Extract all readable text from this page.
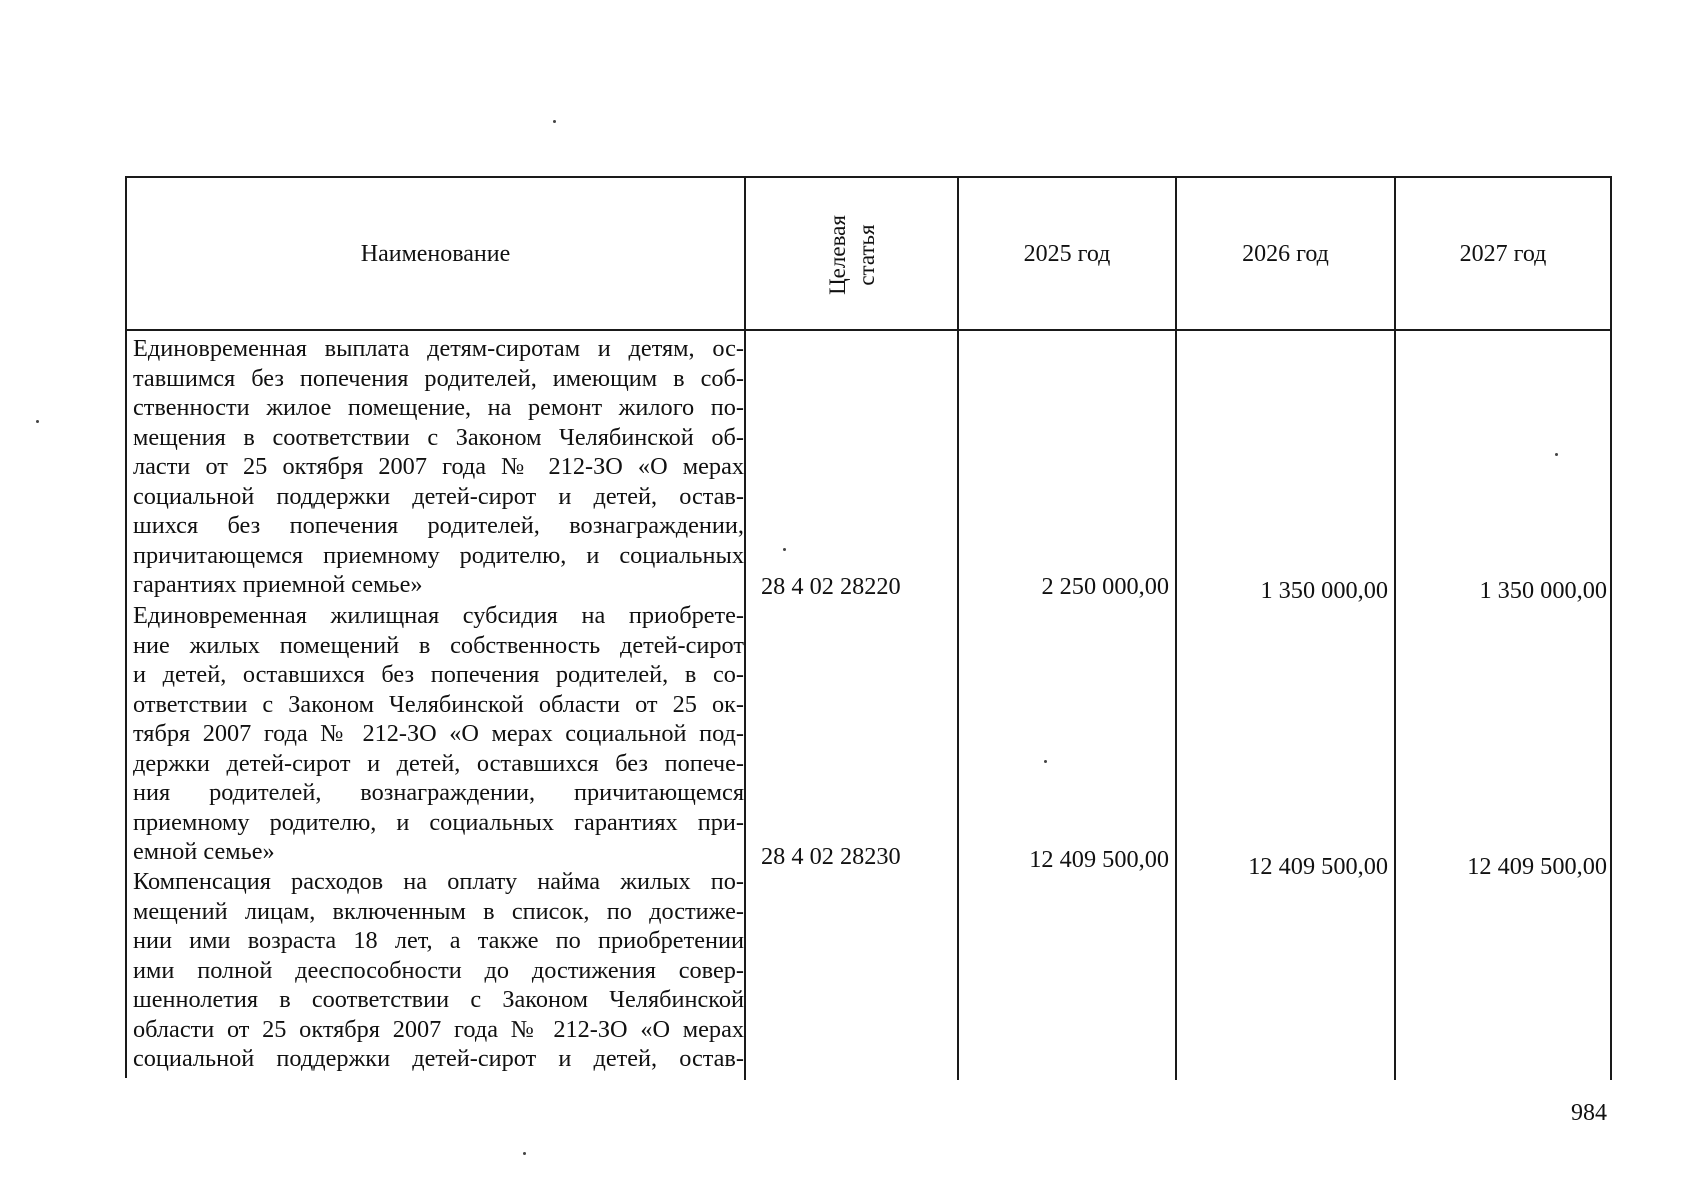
Наименование	Целевая статья	2025 год	2026 год	2027 год
Единовременная выплата детям-сиротам и детям, ос-
тавшимся без попечения родителей, имеющим в соб-
ственности жилое помещение, на ремонт жилого по-
мещения в соответствии с Законом Челябинской об-
ласти от 25 октября 2007 года № 212-ЗО «О мерах
социальной поддержки детей-сирот и детей, остав-
шихся без попечения родителей, вознаграждении,
причитающемся приемному родителю, и социальных
гарантиях приемной семье»	28 4 02 28220	2 250 000,00	1 350 000,00	1 350 000,00
Единовременная жилищная субсидия на приобрете-
ние жилых помещений в собственность детей-сирот
и детей, оставшихся без попечения родителей, в со-
ответствии с Законом Челябинской области от 25 ок-
тября 2007 года № 212-ЗО «О мерах социальной под-
держки детей-сирот и детей, оставшихся без попече-
ния родителей, вознаграждении, причитающемся
приемному родителю, и социальных гарантиях при-
емной семье»	28 4 02 28230	12 409 500,00	12 409 500,00	12 409 500,00
Компенсация расходов на оплату найма жилых по-
мещений лицам, включенным в список, по достиже-
нии ими возраста 18 лет, а также по приобретении
ими полной дееспособности до достижения совер-
шеннолетия в соответствии с Законом Челябинской
области от 25 октября 2007 года № 212-ЗО «О мерах
социальной поддержки детей-сирот и детей, остав-
984
